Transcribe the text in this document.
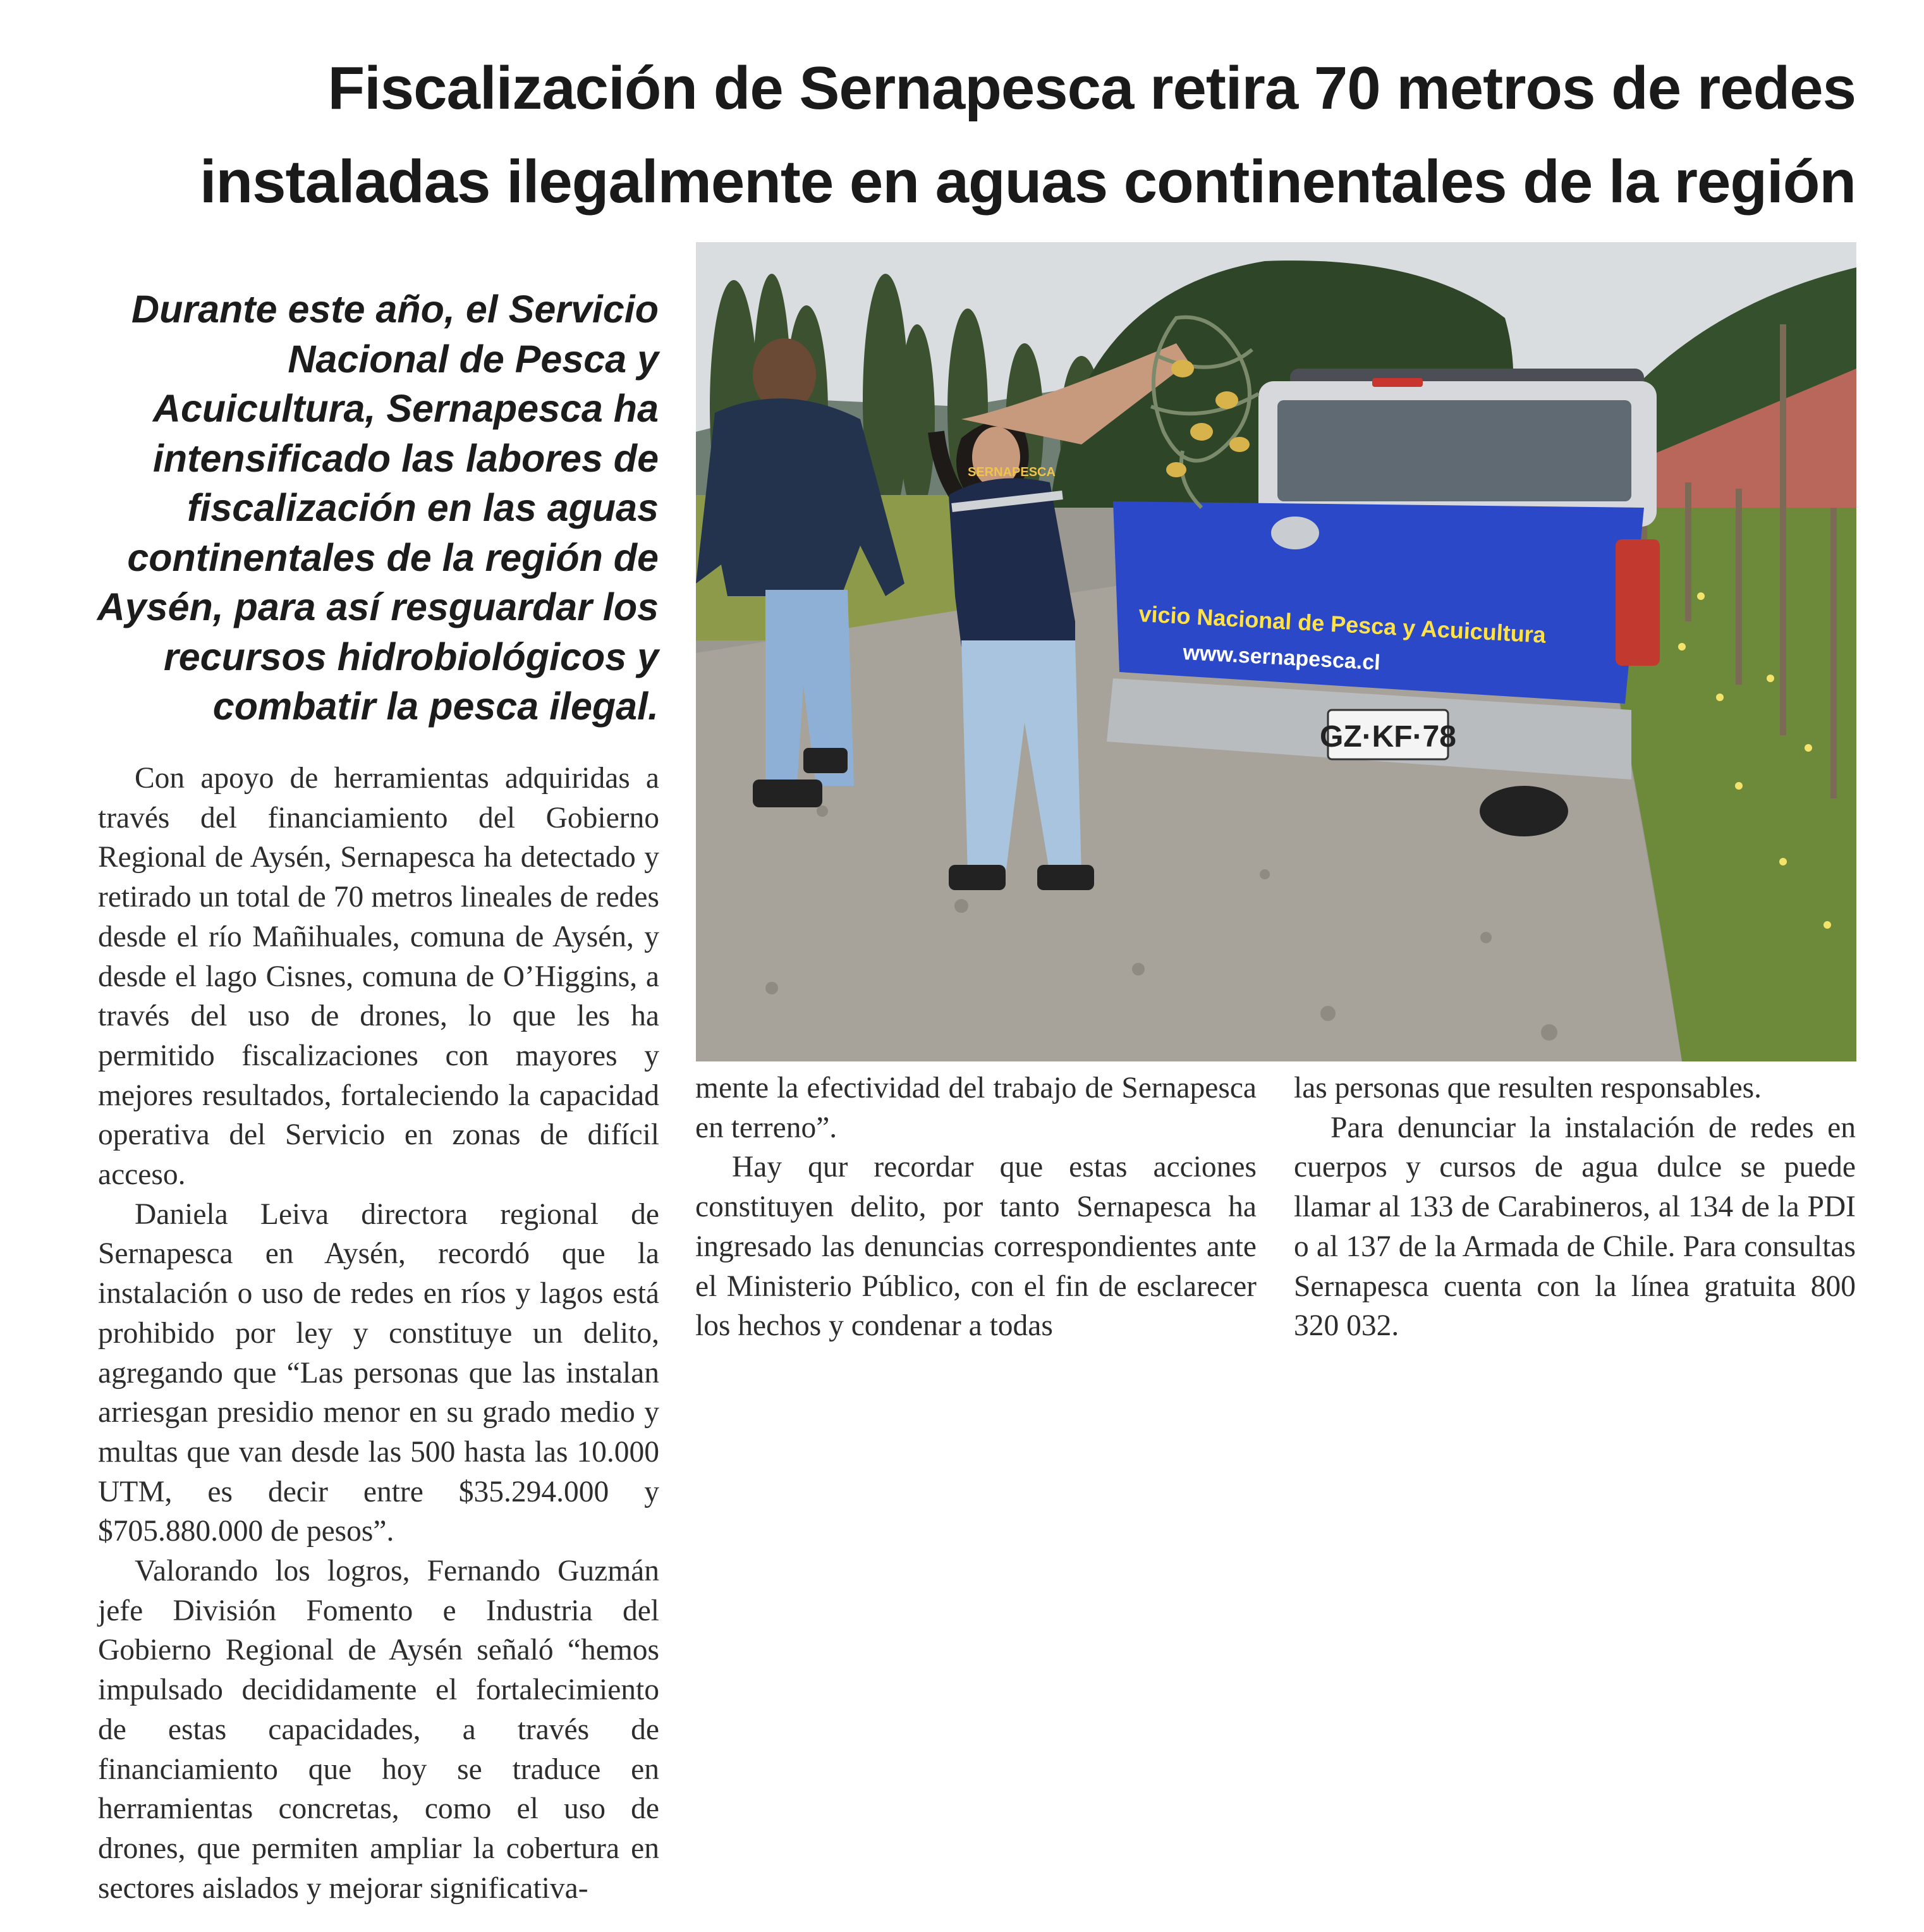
Fiscalización de Sernapesca retira 70 metros de redes
instaladas ilegalmente en aguas continentales de la región
Durante este año, el Servicio Nacional de Pesca y Acuicultura, Sernapesca ha intensificado las labores de fiscalización en las aguas continentales de la región de Aysén, para así resguardar los recursos hidrobiológicos y combatir la pesca ilegal.
GZ·KF·78
vicio Nacional de Pesca y Acuicultura
www.sernapesca.cl
SERNAPESCA

Con apoyo de herramientas adquiridas a través del financiamiento del Gobierno Regional de Aysén, Sernapesca ha detectado y retirado un total de 70 metros lineales de redes desde el río Mañihuales, comuna de Aysén, y desde el lago Cisnes, comuna de O’Higgins, a través del uso de drones, lo que les ha permitido fiscalizaciones con mayores y mejores resultados, fortaleciendo la capacidad operativa del Servicio en zonas de difícil acceso.

Daniela Leiva directora regional de Sernapesca en Aysén, recordó que la instalación o uso de redes en ríos y lagos está prohibido por ley y constituye un delito, agregando que “Las personas que las instalan arriesgan presidio menor en su grado medio y multas que van desde las 500 hasta las 10.000 UTM, es decir entre $35.294.000 y $705.880.000 de pesos”.

Valorando los logros, Fernando Guzmán jefe División Fomento e Industria del Gobierno Regional de Aysén señaló “hemos impulsado decididamente el fortalecimiento de estas capacidades, a través de financiamiento que hoy se traduce en herramientas concretas, como el uso de drones, que permiten ampliar la cobertura en sectores aislados y mejorar significativa-

mente la efectividad del trabajo de Sernapesca en terreno”.

Hay qur recordar que estas acciones constituyen delito, por tanto Sernapesca ha ingresado las denuncias correspondientes ante el Ministerio Público, con el fin de esclarecer los hechos y condenar a todas

las personas que resulten responsables.

Para denunciar la instalación de redes en cuerpos y cursos de agua dulce se puede llamar al 133 de Carabineros, al 134 de la PDI o al 137 de la Armada de Chile. Para consultas Sernapesca cuenta con la línea gratuita 800 320 032.
